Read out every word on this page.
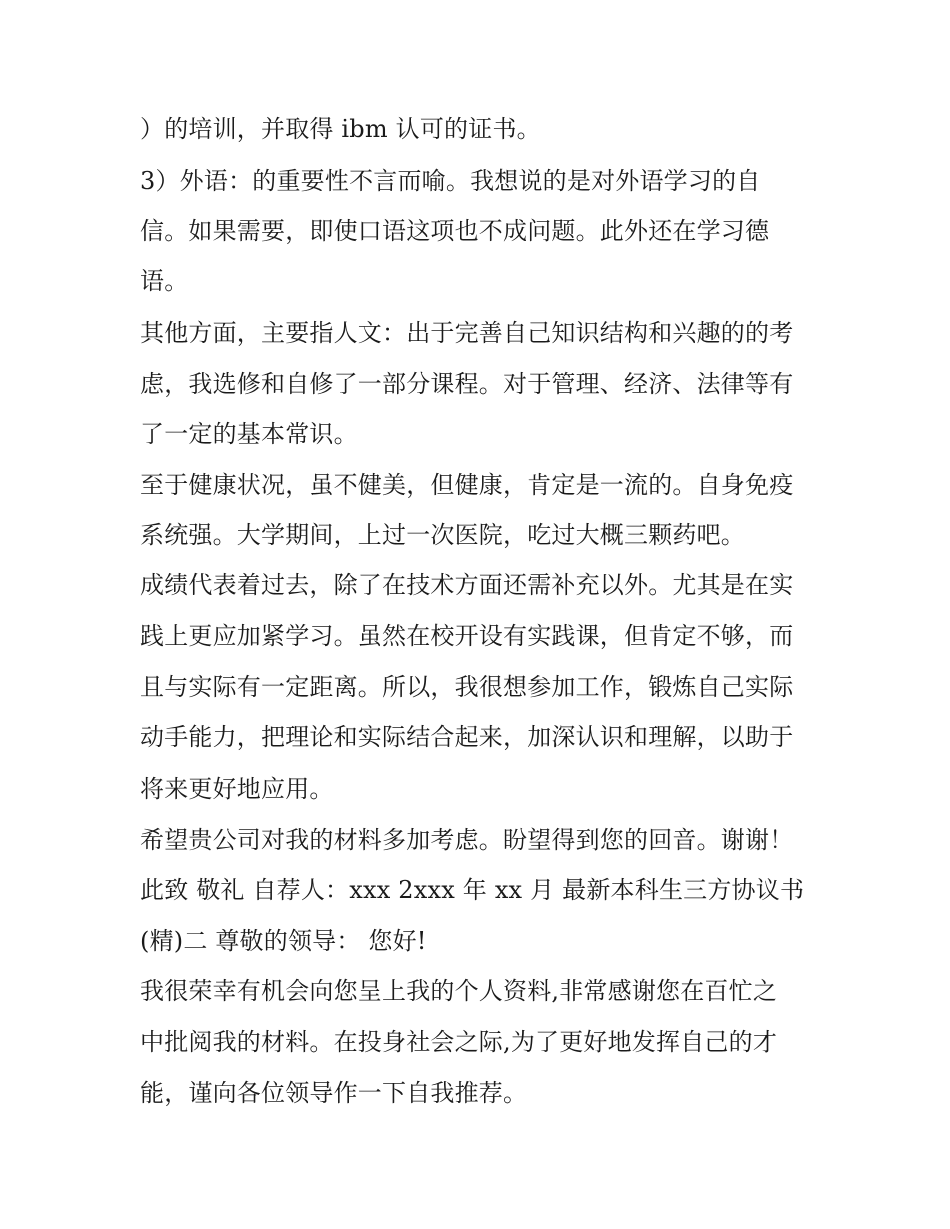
）的培训，并取得 ibm 认可的证书。
3）外语：的重要性不言而喻。我想说的是对外语学习的自
信。如果需要，即使口语这项也不成问题。此外还在学习德
语。
其他方面，主要指人文：出于完善自己知识结构和兴趣的的考
虑，我选修和自修了一部分课程。对于管理、经济、法律等有
了一定的基本常识。
至于健康状况，虽不健美，但健康，肯定是一流的。自身免疫
系统强。大学期间，上过一次医院，吃过大概三颗药吧。
成绩代表着过去，除了在技术方面还需补充以外。尤其是在实
践上更应加紧学习。虽然在校开设有实践课，但肯定不够，而
且与实际有一定距离。所以，我很想参加工作，锻炼自己实际
动手能力，把理论和实际结合起来，加深认识和理解，以助于
将来更好地应用。
希望贵公司对我的材料多加考虑。盼望得到您的回音。谢谢！
此致 敬礼 自荐人：xxx 2xxx 年 xx 月 最新本科生三方协议书
(精)二 尊敬的领导： 您好!
我很荣幸有机会向您呈上我的个人资料,非常感谢您在百忙之
中批阅我的材料。在投身社会之际,为了更好地发挥自己的才
能，谨向各位领导作一下自我推荐。
